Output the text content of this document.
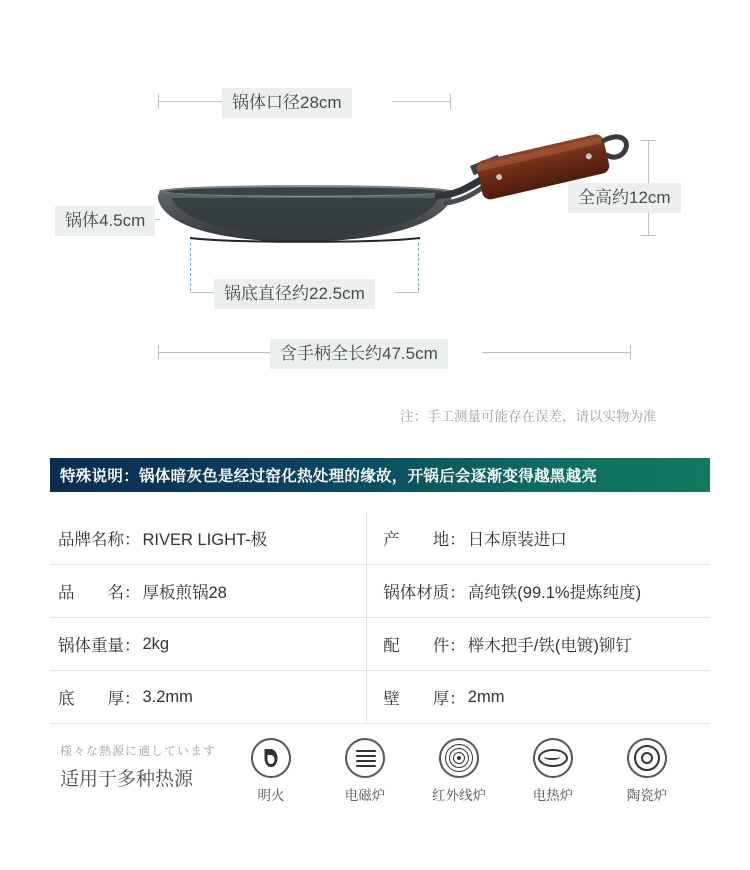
锅体口径28cm
锅体4.5cm
全高约12cm
锅底直径约22.5cm
含手柄全长约47.5cm
注：手工测量可能存在误差，请以实物为准
特殊说明：锅体暗灰色是经过窑化热处理的缘故，开锅后会逐渐变得越黑越亮
品牌名称： RIVER LIGHT-极	产　　地： 日本原装进口

品　　名： 厚板煎锅28	锅体材质： 高纯铁(99.1%提炼纯度)

锅体重量： 2kg	配　　件： 榉木把手/铁(电镀)铆钉

底　　厚： 3.2mm	壁　　厚： 2mm
様々な熱源に適しています
适用于多种热源
明火	电磁炉	红外线炉	电热炉	陶瓷炉
